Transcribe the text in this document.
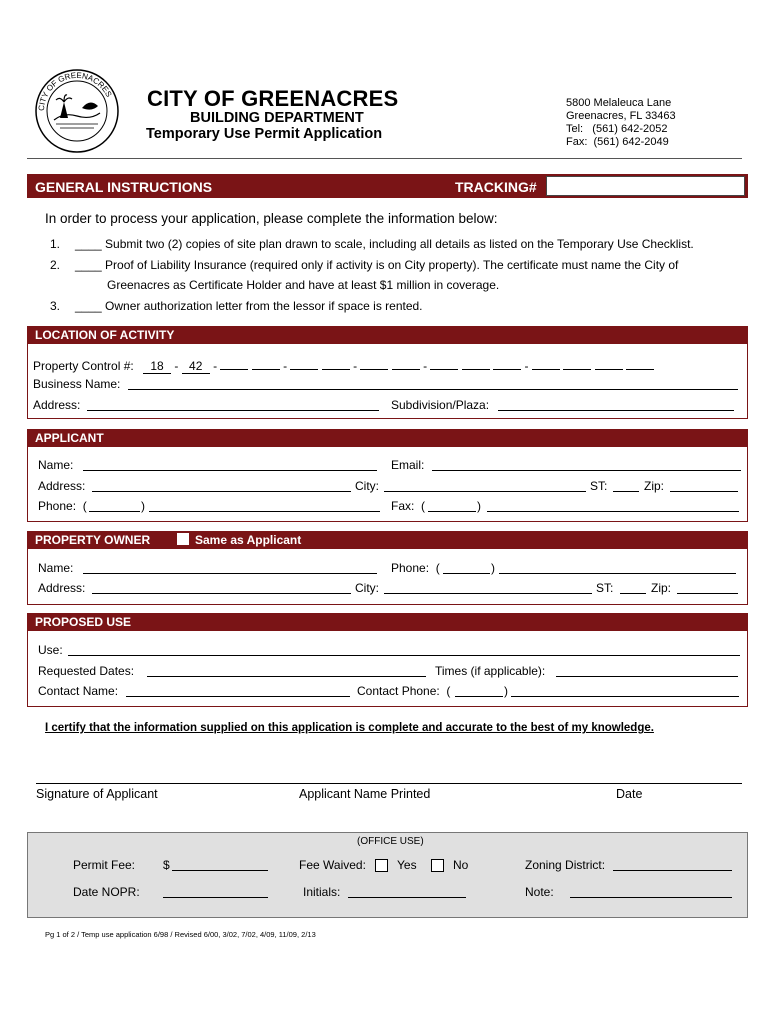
CITY OF GREENACRES CITY OF GREENACRES
BUILDING DEPARTMENT
Temporary Use Permit Application
5800 Melaleuca Lane
Greenacres, FL 33463
Tel:   (561) 642-2052
Fax:  (561) 642-2049
GENERAL INSTRUCTIONS	TRACKING#
In order to process your application, please complete the information below:
1. ____ Submit two (2) copies of site plan drawn to scale, including all details as listed on the Temporary Use Checklist.
2. ____ Proof of Liability Insurance (required only if activity is on City property). The certificate must name the City of
Greenacres as Certificate Holder and have at least $1 million in coverage.
3. ____ Owner authorization letter from the lessor if space is rented.
LOCATION OF ACTIVITY
Property Control #: 18 - 42 -	-	-	-	-
Business Name:
Address:	Subdivision/Plaza:
APPLICANT
Name:	Email:
Address:	City:	ST:	Zip:
Phone:  (	)	Fax:  (	)
PROPERTY OWNER	Same as Applicant
Name:	Phone:  (	)
Address:	City:	ST:	Zip:
PROPOSED USE
Use:
Requested Dates:	Times (if applicable):
Contact Name:	Contact Phone:  (	)
I certify that the information supplied on this application is complete and accurate to the best of my knowledge.
Signature of Applicant	Applicant Name Printed	Date
(OFFICE USE)
Permit Fee: $	Fee Waived:	Yes	No	Zoning District:
Date NOPR:	Initials:	Note:
Pg 1 of 2 / Temp use application 6/98 / Revised 6/00, 3/02, 7/02, 4/09, 11/09, 2/13
